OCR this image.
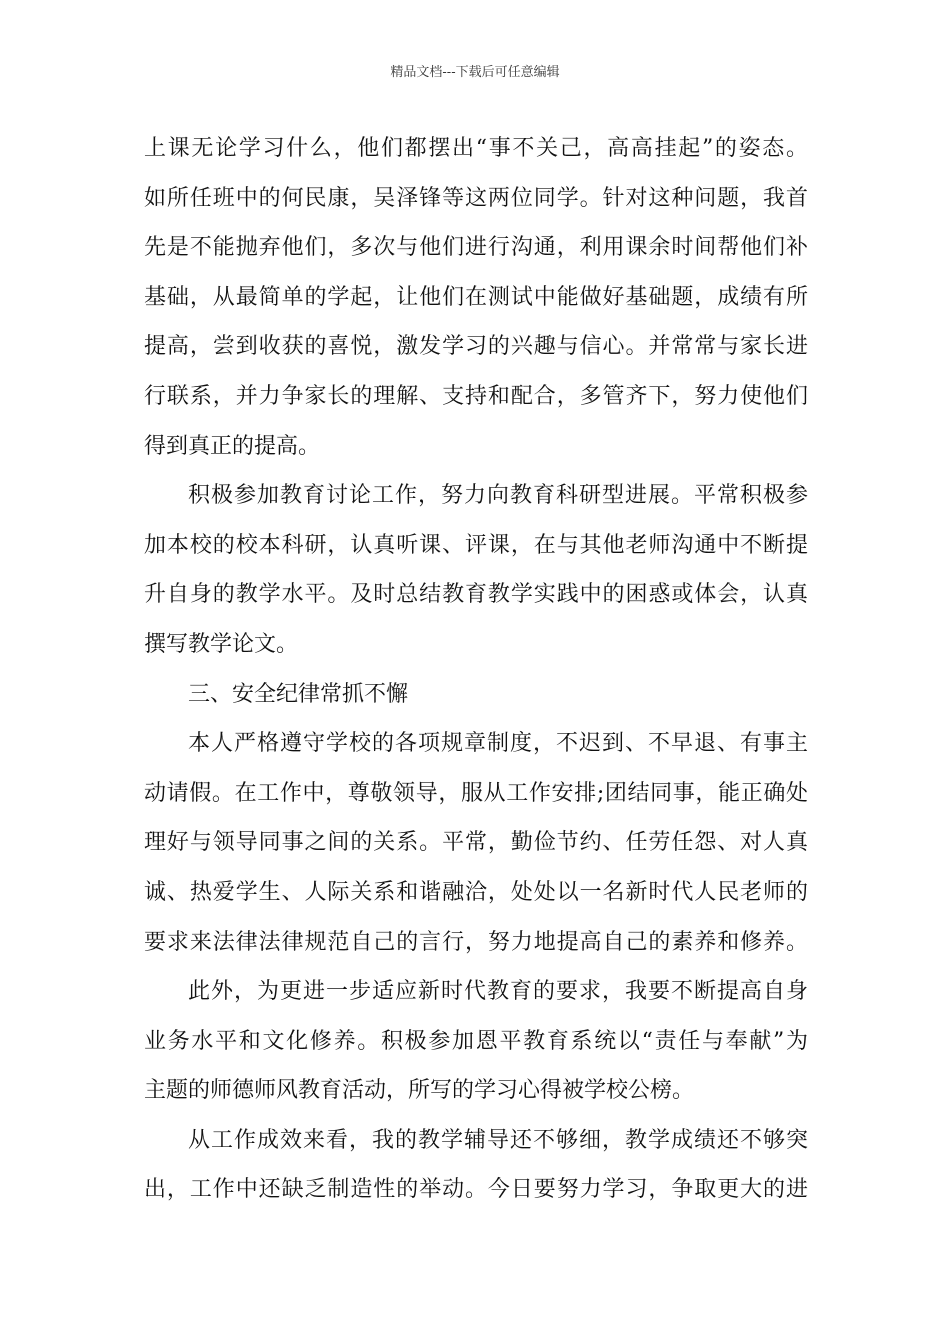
精品文档---下载后可任意编辑
上课无论学习什么，他们都摆出“事不关己，高高挂起”的姿态。
如所任班中的何民康，吴泽锋等这两位同学。针对这种问题，我首
先是不能抛弃他们，多次与他们进行沟通，利用课余时间帮他们补
基础，从最简单的学起，让他们在测试中能做好基础题，成绩有所
提高，尝到收获的喜悦，激发学习的兴趣与信心。并常常与家长进
行联系，并力争家长的理解、支持和配合，多管齐下，努力使他们
得到真正的提高。
积极参加教育讨论工作，努力向教育科研型进展。平常积极参
加本校的校本科研，认真听课、评课，在与其他老师沟通中不断提
升自身的教学水平。及时总结教育教学实践中的困惑或体会，认真
撰写教学论文。
三、安全纪律常抓不懈
本人严格遵守学校的各项规章制度，不迟到、不早退、有事主
动请假。在工作中，尊敬领导，服从工作安排;团结同事，能正确处
理好与领导同事之间的关系。平常，勤俭节约、任劳任怨、对人真
诚、热爱学生、人际关系和谐融洽，处处以一名新时代人民老师的
要求来法律法律规范自己的言行，努力地提高自己的素养和修养。
此外，为更进一步适应新时代教育的要求，我要不断提高自身
业务水平和文化修养。积极参加恩平教育系统以“责任与奉献”为
主题的师德师风教育活动，所写的学习心得被学校公榜。
从工作成效来看，我的教学辅导还不够细，教学成绩还不够突
出，工作中还缺乏制造性的举动。今日要努力学习，争取更大的进
